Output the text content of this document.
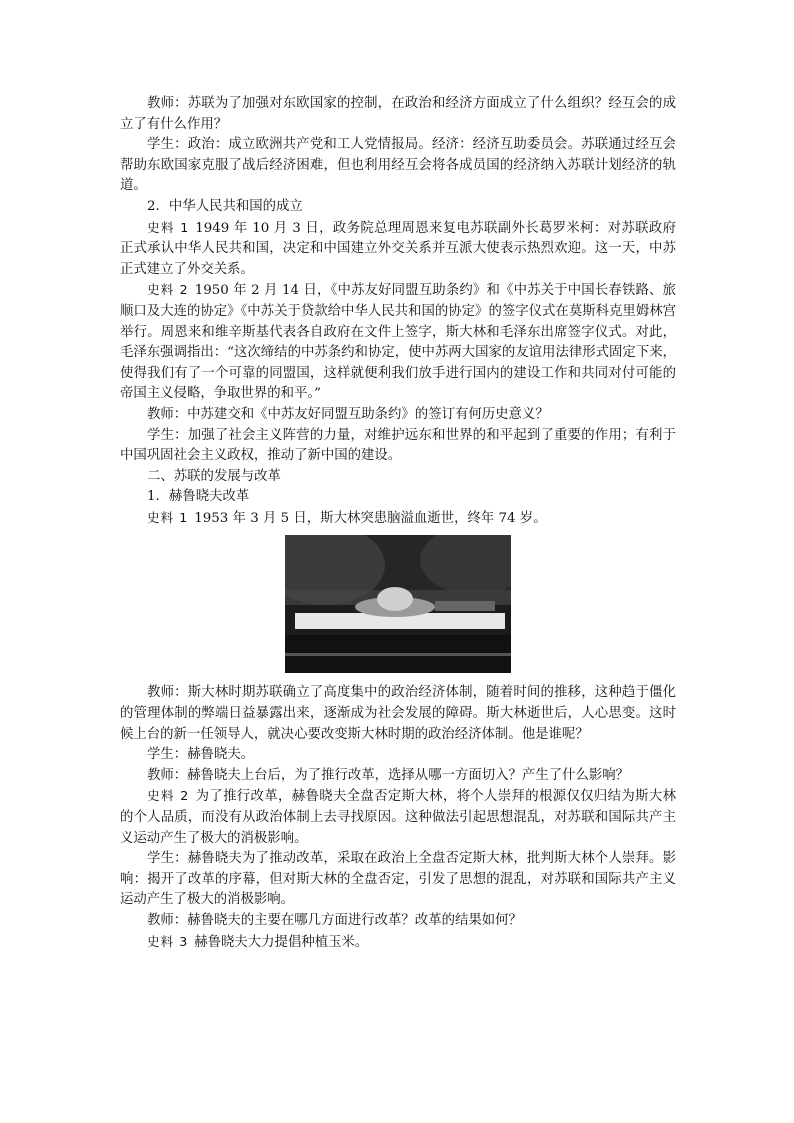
教师：苏联为了加强对东欧国家的控制，在政治和经济方面成立了什么组织？经互会的成立了有什么作用？

学生：政治：成立欧洲共产党和工人党情报局。经济：经济互助委员会。苏联通过经互会帮助东欧国家克服了战后经济困难，但也利用经互会将各成员国的经济纳入苏联计划经济的轨道。

2．中华人民共和国的成立

史料 1 1949 年 10 月 3 日，政务院总理周恩来复电苏联副外长葛罗米柯：对苏联政府正式承认中华人民共和国，决定和中国建立外交关系并互派大使表示热烈欢迎。这一天，中苏正式建立了外交关系。

史料 2 1950 年 2 月 14 日，《中苏友好同盟互助条约》和《中苏关于中国长春铁路、旅顺口及大连的协定》《中苏关于贷款给中华人民共和国的协定》的签字仪式在莫斯科克里姆林宫举行。周恩来和维辛斯基代表各自政府在文件上签字，斯大林和毛泽东出席签字仪式。对此，毛泽东强调指出：“这次缔结的中苏条约和协定，使中苏两大国家的友谊用法律形式固定下来，使得我们有了一个可靠的同盟国，这样就便利我们放手进行国内的建设工作和共同对付可能的帝国主义侵略，争取世界的和平。”

教师：中苏建交和《中苏友好同盟互助条约》的签订有何历史意义？

学生：加强了社会主义阵营的力量，对维护远东和世界的和平起到了重要的作用；有利于中国巩固社会主义政权，推动了新中国的建设。

二、苏联的发展与改革

1．赫鲁晓夫改革

史料 1 1953 年 3 月 5 日，斯大林突患脑溢血逝世，终年 74 岁。

教师：斯大林时期苏联确立了高度集中的政治经济体制，随着时间的推移，这种趋于僵化的管理体制的弊端日益暴露出来，逐渐成为社会发展的障碍。斯大林逝世后，人心思变。这时候上台的新一任领导人，就决心要改变斯大林时期的政治经济体制。他是谁呢？

学生：赫鲁晓夫。

教师：赫鲁晓夫上台后，为了推行改革，选择从哪一方面切入？产生了什么影响？

史料 2 为了推行改革，赫鲁晓夫全盘否定斯大林，将个人崇拜的根源仅仅归结为斯大林的个人品质，而没有从政治体制上去寻找原因。这种做法引起思想混乱，对苏联和国际共产主义运动产生了极大的消极影响。

学生：赫鲁晓夫为了推动改革，采取在政治上全盘否定斯大林，批判斯大林个人崇拜。影响：揭开了改革的序幕，但对斯大林的全盘否定，引发了思想的混乱，对苏联和国际共产主义运动产生了极大的消极影响。

教师：赫鲁晓夫的主要在哪几方面进行改革？改革的结果如何？

史料 3 赫鲁晓夫大力提倡种植玉米。
